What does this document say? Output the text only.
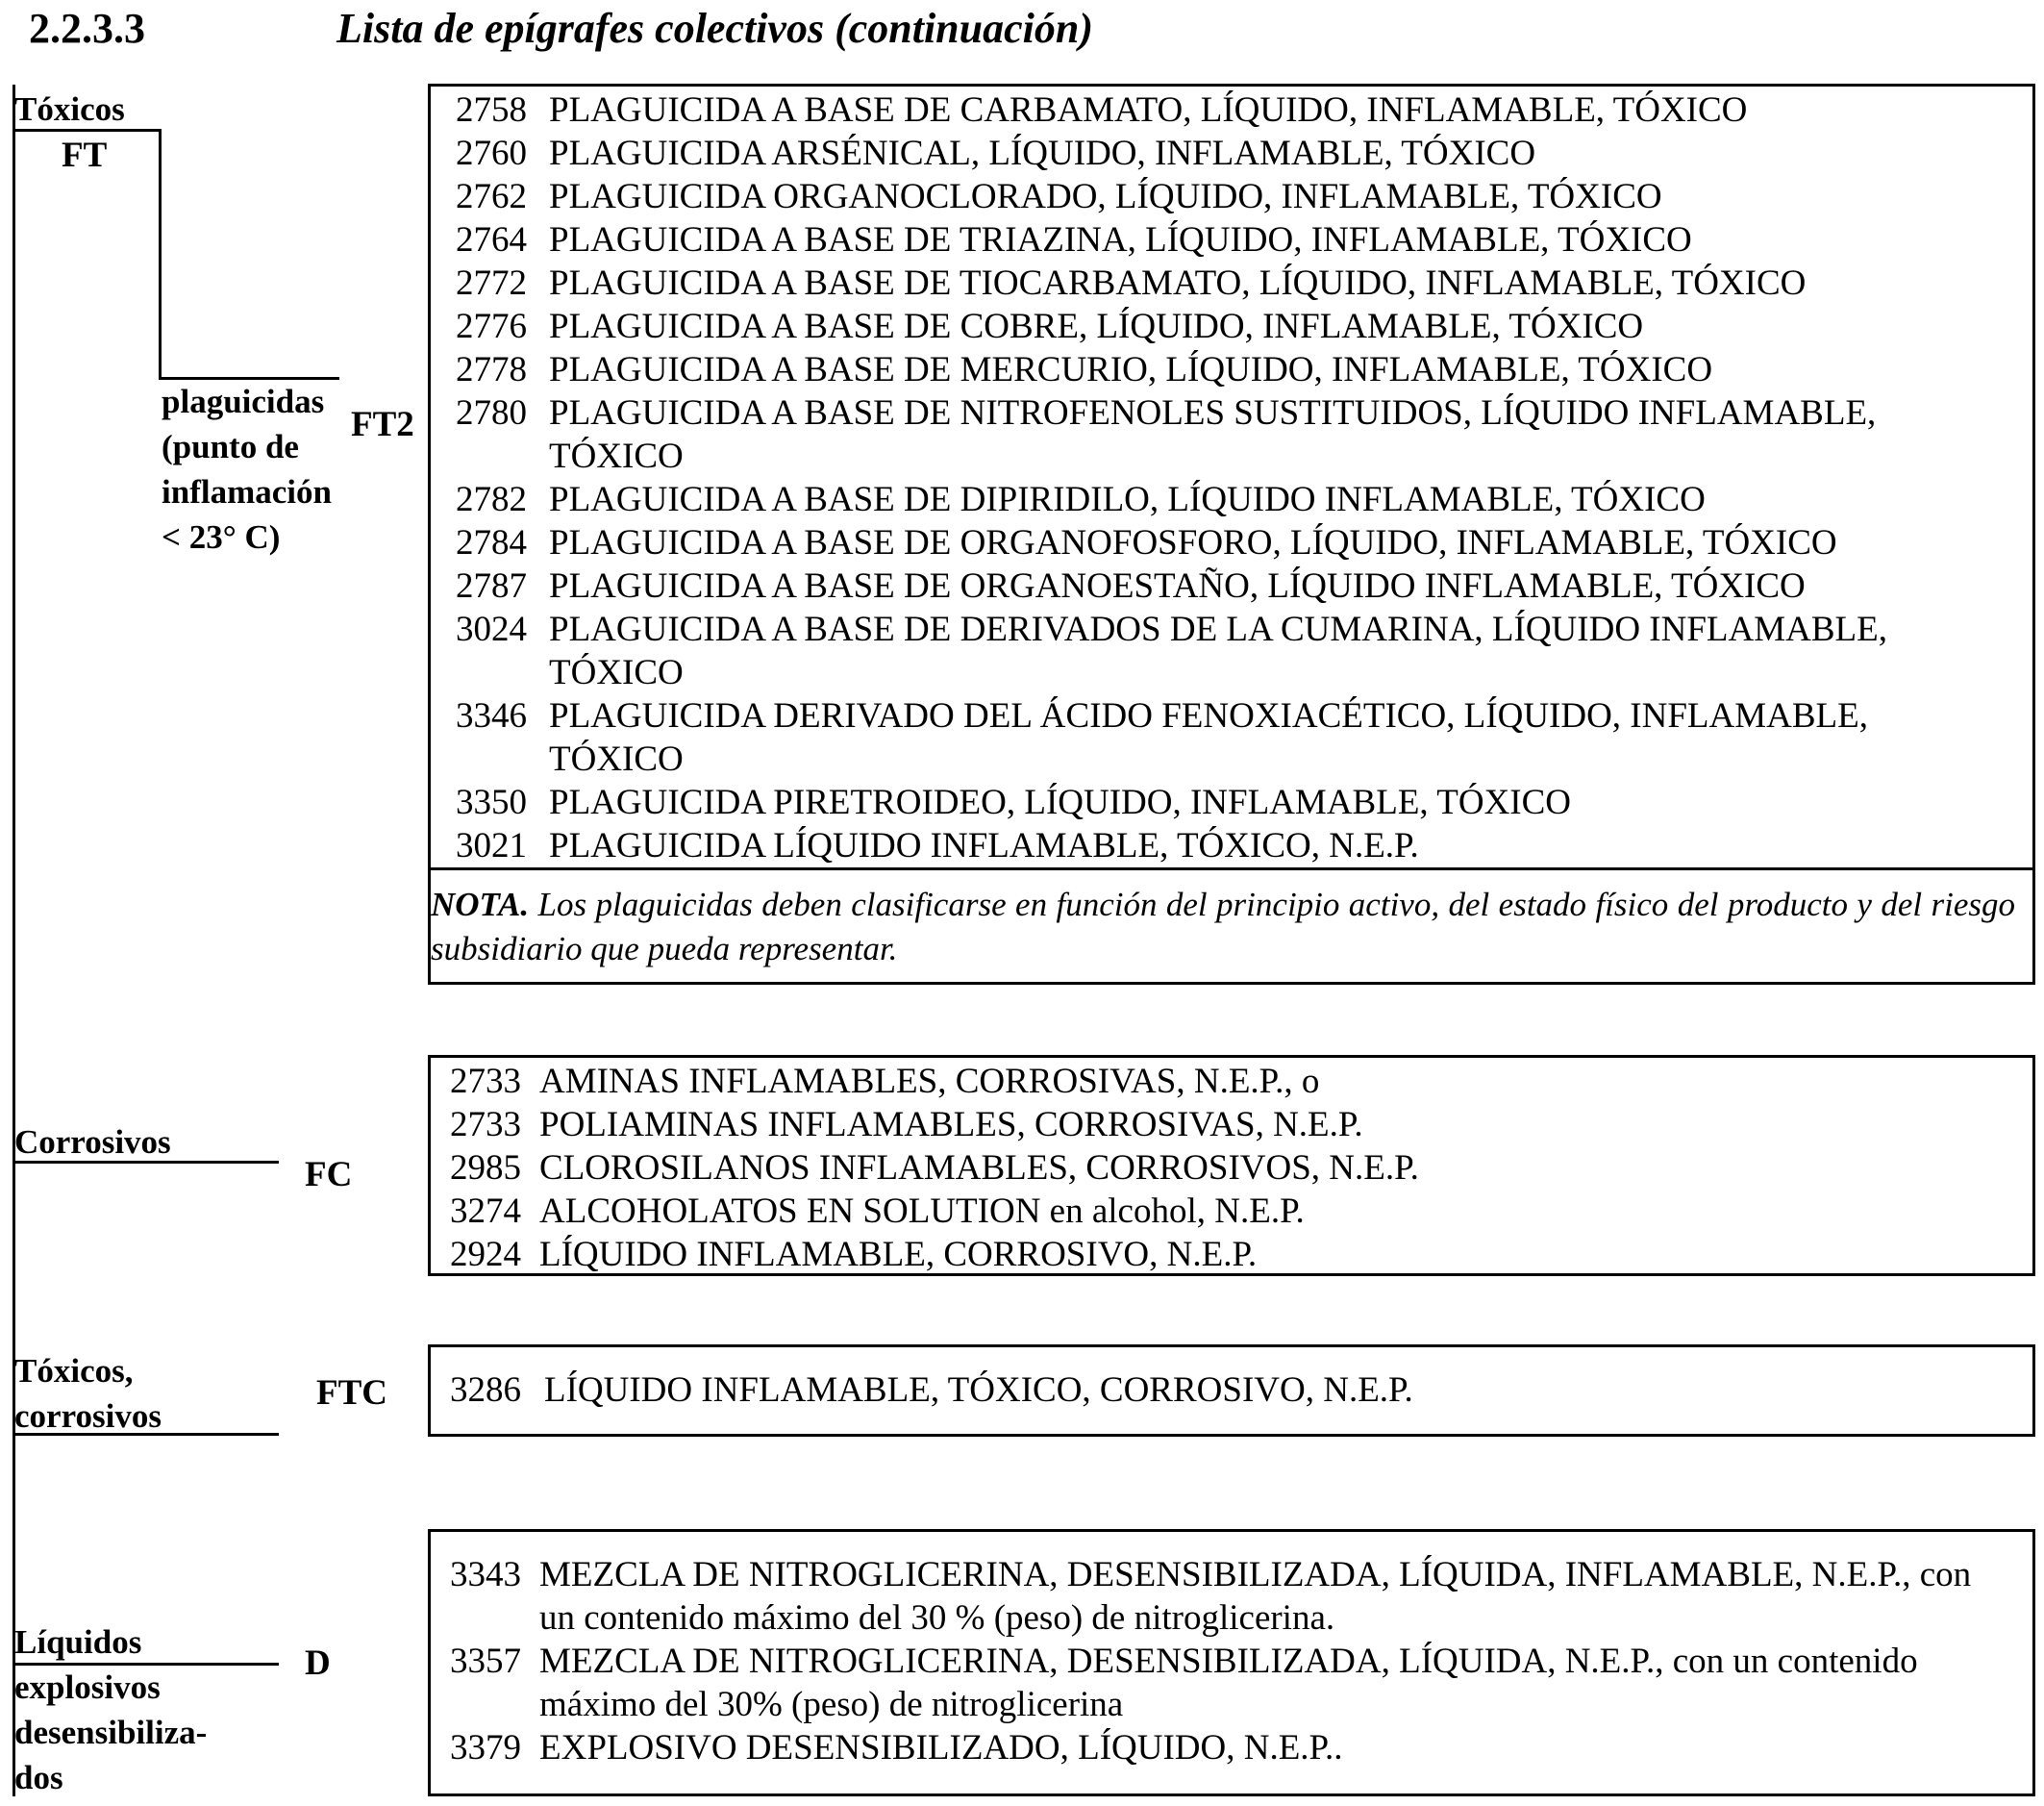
2.2.3.3	Lista de epígrafes colectivos (continuación)
Tóxicos
FT
plaguicidas
(punto de
inflamación
< 23° C)
FT2
Corrosivos
FC
Tóxicos,
corrosivos
FTC
Líquidos
explosivos
desensibiliza-
dos
D
2758 PLAGUICIDA A BASE DE CARBAMATO, LÍQUIDO, INFLAMABLE, TÓXICO
2760 PLAGUICIDA ARSÉNICAL, LÍQUIDO, INFLAMABLE, TÓXICO
2762 PLAGUICIDA ORGANOCLORADO, LÍQUIDO, INFLAMABLE, TÓXICO
2764 PLAGUICIDA A BASE DE TRIAZINA, LÍQUIDO, INFLAMABLE, TÓXICO
2772 PLAGUICIDA A BASE DE TIOCARBAMATO, LÍQUIDO, INFLAMABLE, TÓXICO
2776 PLAGUICIDA A BASE DE COBRE, LÍQUIDO, INFLAMABLE, TÓXICO
2778 PLAGUICIDA A BASE DE MERCURIO, LÍQUIDO, INFLAMABLE, TÓXICO
2780 PLAGUICIDA A BASE DE NITROFENOLES SUSTITUIDOS, LÍQUIDO INFLAMABLE, TÓXICO
2782 PLAGUICIDA A BASE DE DIPIRIDILO, LÍQUIDO INFLAMABLE, TÓXICO
2784 PLAGUICIDA A BASE DE ORGANOFOSFORO, LÍQUIDO, INFLAMABLE, TÓXICO
2787 PLAGUICIDA A BASE DE ORGANOESTAÑO, LÍQUIDO INFLAMABLE, TÓXICO
3024 PLAGUICIDA A BASE DE DERIVADOS DE LA CUMARINA, LÍQUIDO INFLAMABLE, TÓXICO
3346 PLAGUICIDA DERIVADO DEL ÁCIDO FENOXIACÉTICO, LÍQUIDO, INFLAMABLE, TÓXICO
3350 PLAGUICIDA PIRETROIDEO, LÍQUIDO, INFLAMABLE, TÓXICO
3021 PLAGUICIDA LÍQUIDO INFLAMABLE, TÓXICO, N.E.P.
NOTA. Los plaguicidas deben clasificarse en función del principio activo, del estado físico del producto y del riesgo subsidiario que pueda representar.
2733 AMINAS INFLAMABLES, CORROSIVAS, N.E.P., o
2733 POLIAMINAS INFLAMABLES, CORROSIVAS, N.E.P.
2985 CLOROSILANOS INFLAMABLES, CORROSIVOS, N.E.P.
3274 ALCOHOLATOS EN SOLUTION en alcohol, N.E.P.
2924 LÍQUIDO INFLAMABLE, CORROSIVO, N.E.P.
3286 LÍQUIDO INFLAMABLE, TÓXICO, CORROSIVO, N.E.P.
3343 MEZCLA DE NITROGLICERINA, DESENSIBILIZADA, LÍQUIDA, INFLAMABLE, N.E.P., con un contenido máximo del 30 % (peso) de nitroglicerina.
3357 MEZCLA DE NITROGLICERINA, DESENSIBILIZADA, LÍQUIDA, N.E.P., con un contenido máximo del 30% (peso) de nitroglicerina
3379 EXPLOSIVO DESENSIBILIZADO, LÍQUIDO, N.E.P..
